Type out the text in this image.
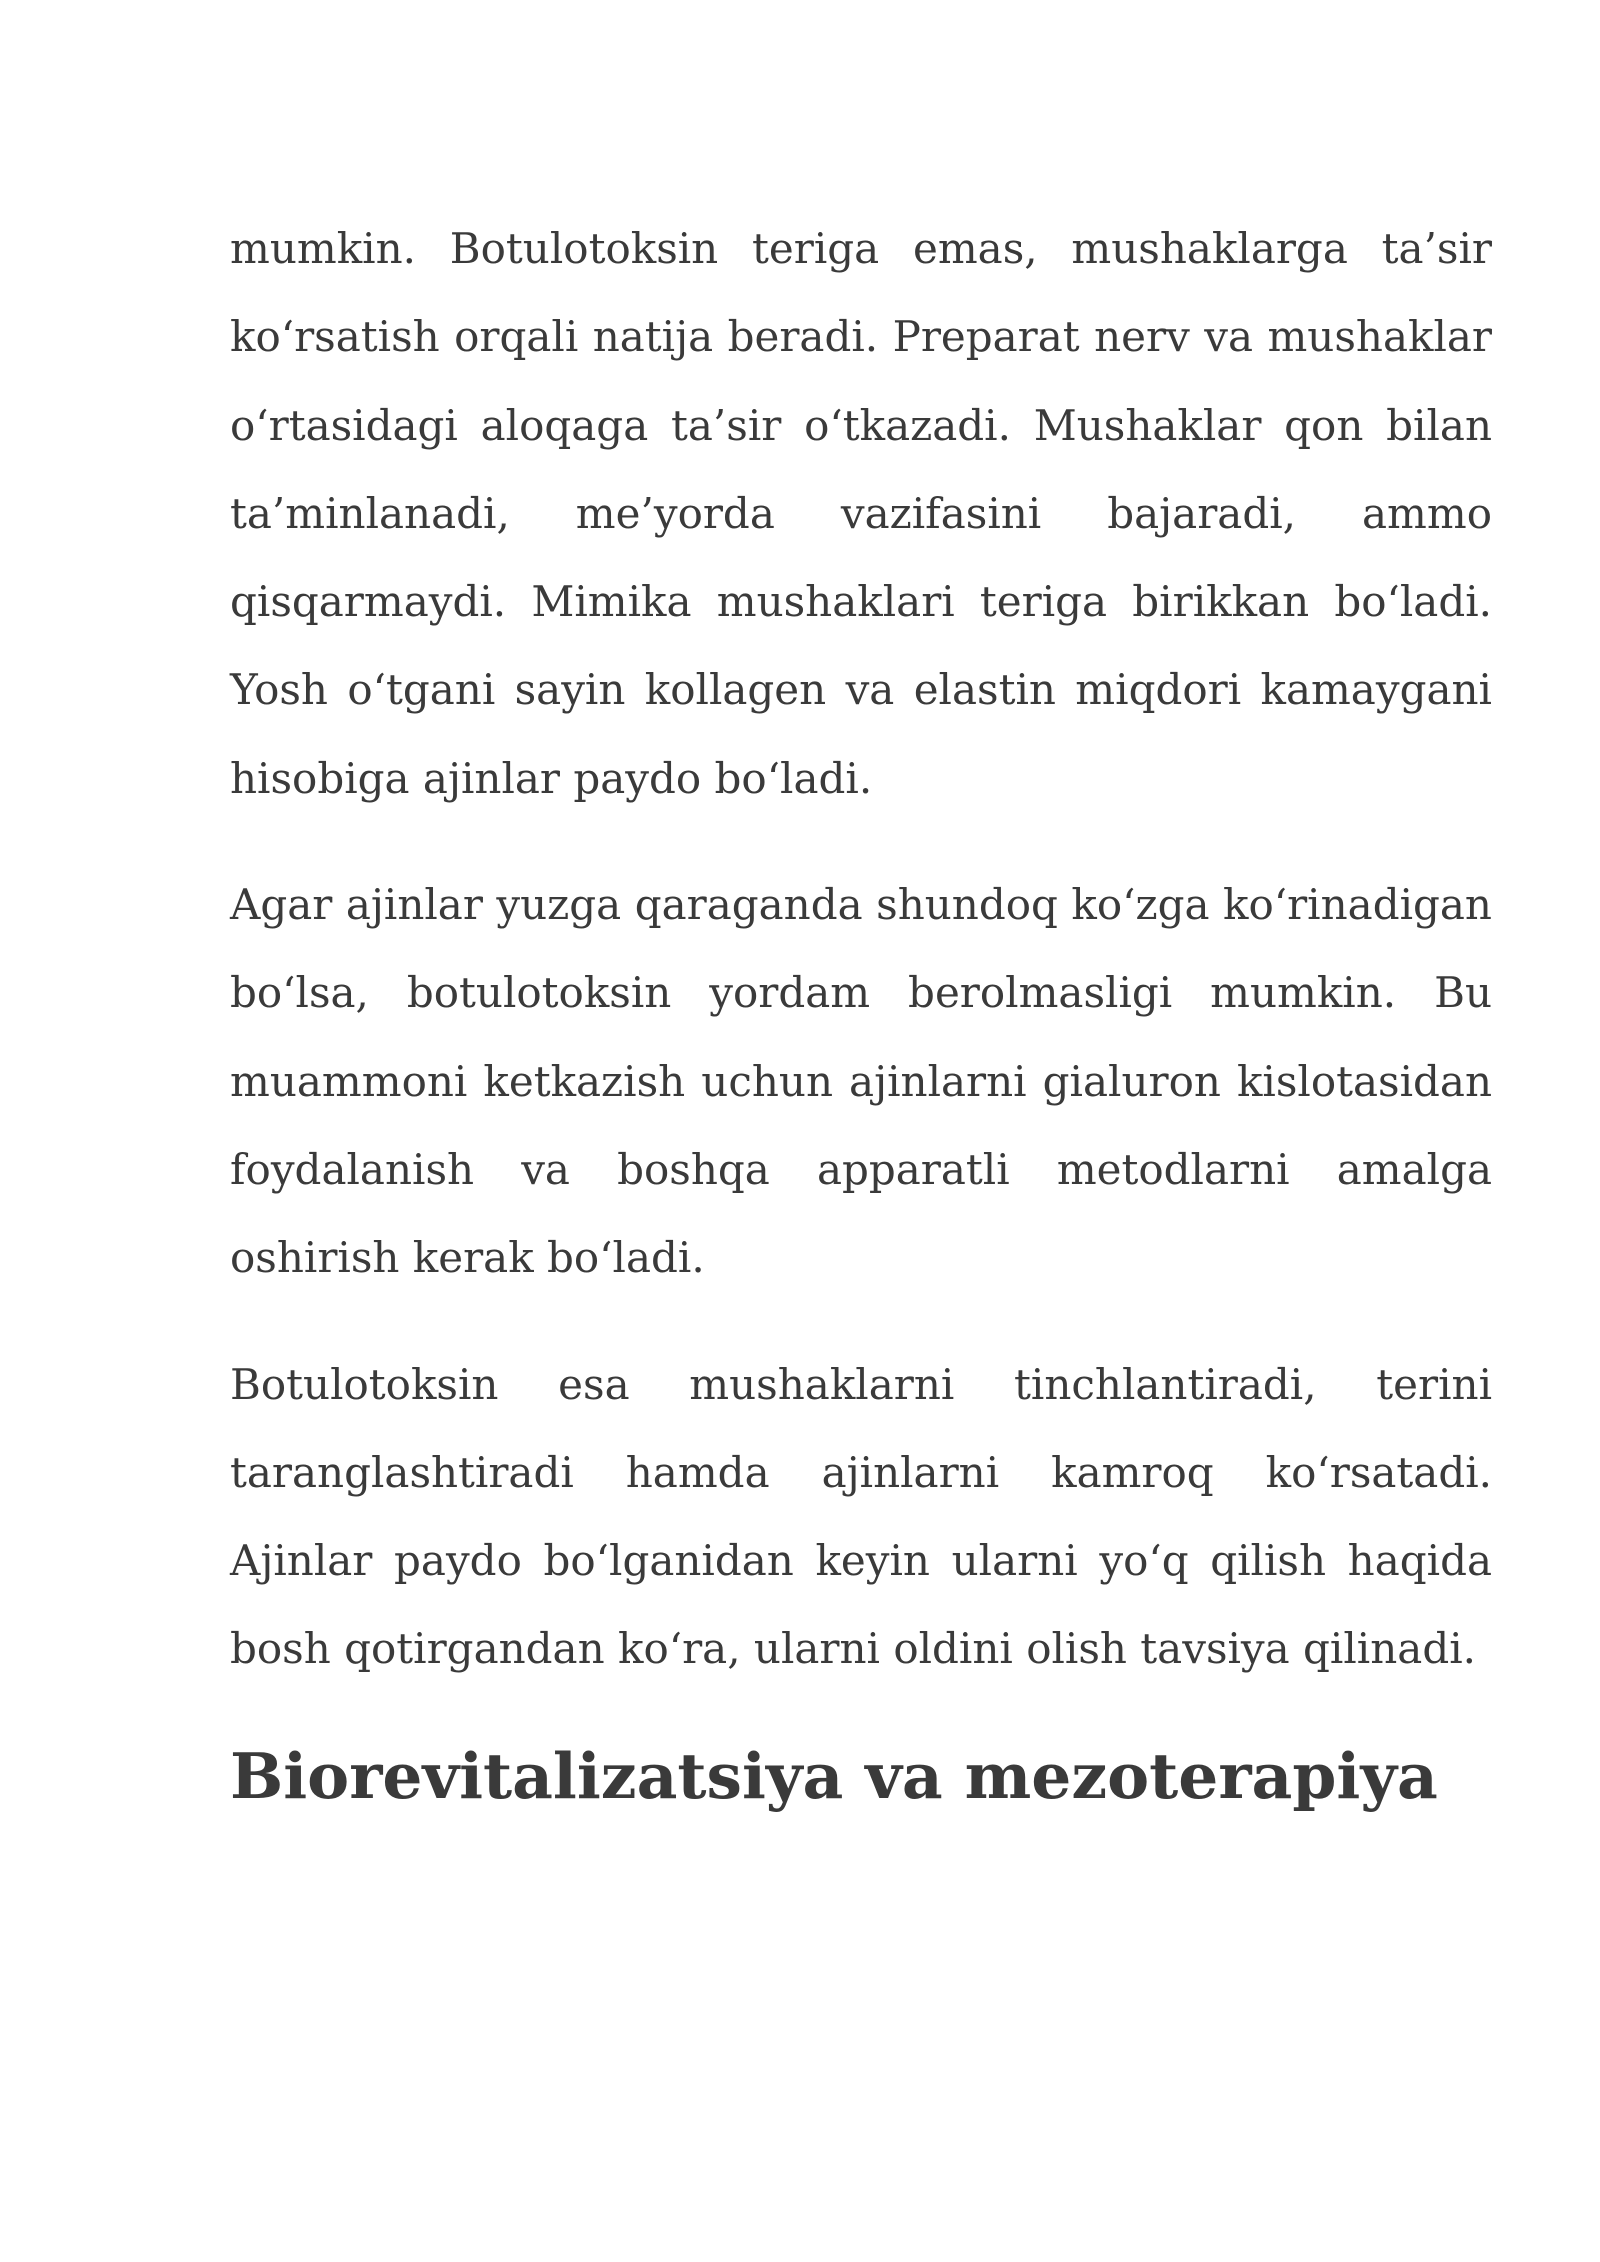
mumkin. Botulotoksin teriga emas, mushaklarga ta’sir ko‘rsatish orqali natija beradi. Preparat nerv va mushaklar o‘rtasidagi aloqaga ta’sir o‘tkazadi. Mushaklar qon bilan ta’minlanadi, me’yorda vazifasini bajaradi, ammo qisqarmaydi. Mimika mushaklari teriga birikkan bo‘ladi. Yosh o‘tgani sayin kollagen va elastin miqdori kamaygani hisobiga ajinlar paydo bo‘ladi.

Agar ajinlar yuzga qaraganda shundoq ko‘zga ko‘rinadigan bo‘lsa, botulotoksin yordam berolmasligi mumkin. Bu muammoni ketkazish uchun ajinlarni gialuron kislotasidan foydalanish va boshqa apparatli metodlarni amalga oshirish kerak bo‘ladi.

Botulotoksin esa mushaklarni tinchlantiradi, terini taranglashtiradi hamda ajinlarni kamroq ko‘rsatadi. Ajinlar paydo bo‘lganidan keyin ularni yo‘q qilish haqida bosh qotirgandan ko‘ra, ularni oldini olish tavsiya qilinadi.

Biorevitalizatsiya va mezoterapiya
